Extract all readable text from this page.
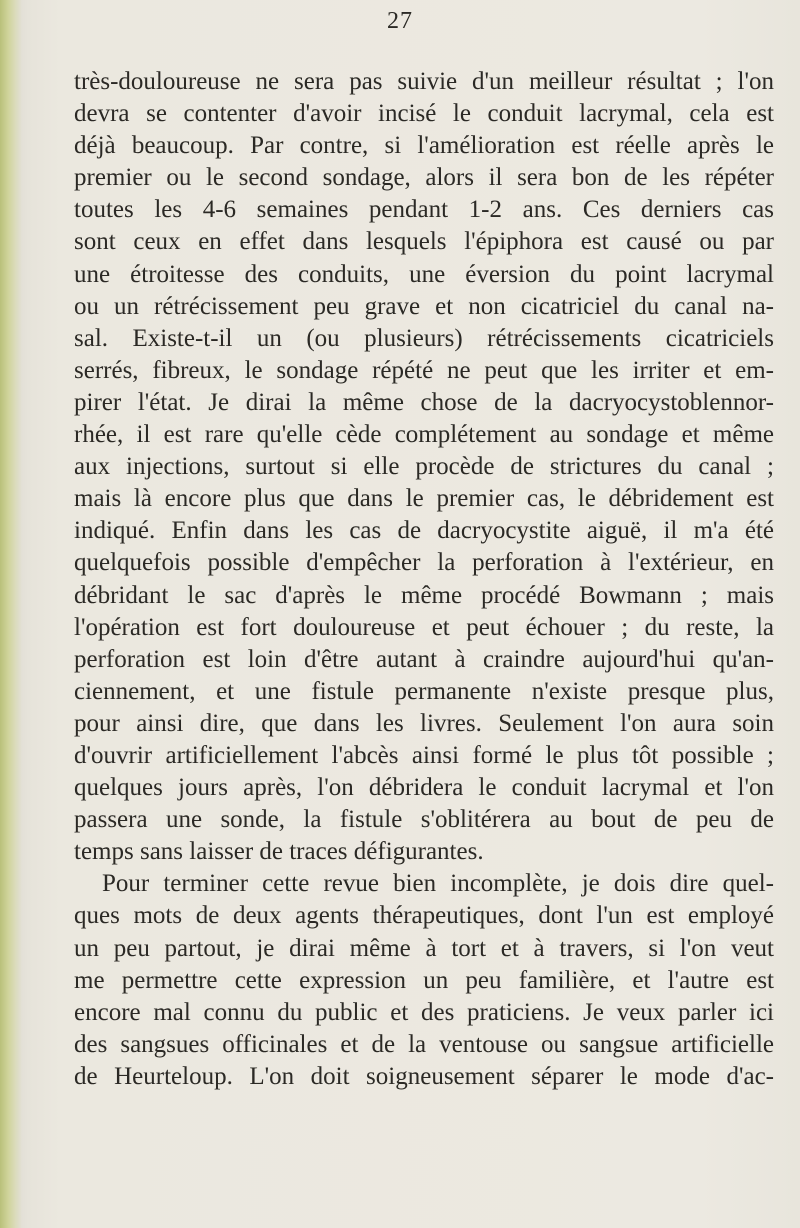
27
très-douloureuse ne sera pas suivie d'un meilleur résultat ; l'on
devra se contenter d'avoir incisé le conduit lacrymal, cela est
déjà beaucoup. Par contre, si l'amélioration est réelle après le
premier ou le second sondage, alors il sera bon de les répéter
toutes les 4-6 semaines pendant 1-2 ans. Ces derniers cas
sont ceux en effet dans lesquels l'épiphora est causé ou par
une étroitesse des conduits, une éversion du point lacrymal
ou un rétrécissement peu grave et non cicatriciel du canal na-
sal. Existe-t-il un (ou plusieurs) rétrécissements cicatriciels
serrés, fibreux, le sondage répété ne peut que les irriter et em-
pirer l'état. Je dirai la même chose de la dacryocystoblennor-
rhée, il est rare qu'elle cède complétement au sondage et même
aux injections, surtout si elle procède de strictures du canal ;
mais là encore plus que dans le premier cas, le débridement est
indiqué. Enfin dans les cas de dacryocystite aiguë, il m'a été
quelquefois possible d'empêcher la perforation à l'extérieur, en
débridant le sac d'après le même procédé Bowmann ; mais
l'opération est fort douloureuse et peut échouer ; du reste, la
perforation est loin d'être autant à craindre aujourd'hui qu'an-
ciennement, et une fistule permanente n'existe presque plus,
pour ainsi dire, que dans les livres. Seulement l'on aura soin
d'ouvrir artificiellement l'abcès ainsi formé le plus tôt possible ;
quelques jours après, l'on débridera le conduit lacrymal et l'on
passera une sonde, la fistule s'oblitérera au bout de peu de
temps sans laisser de traces défigurantes.
Pour terminer cette revue bien incomplète, je dois dire quel-
ques mots de deux agents thérapeutiques, dont l'un est employé
un peu partout, je dirai même à tort et à travers, si l'on veut
me permettre cette expression un peu familière, et l'autre est
encore mal connu du public et des praticiens. Je veux parler ici
des sangsues officinales et de la ventouse ou sangsue artificielle
de Heurteloup. L'on doit soigneusement séparer le mode d'ac-
